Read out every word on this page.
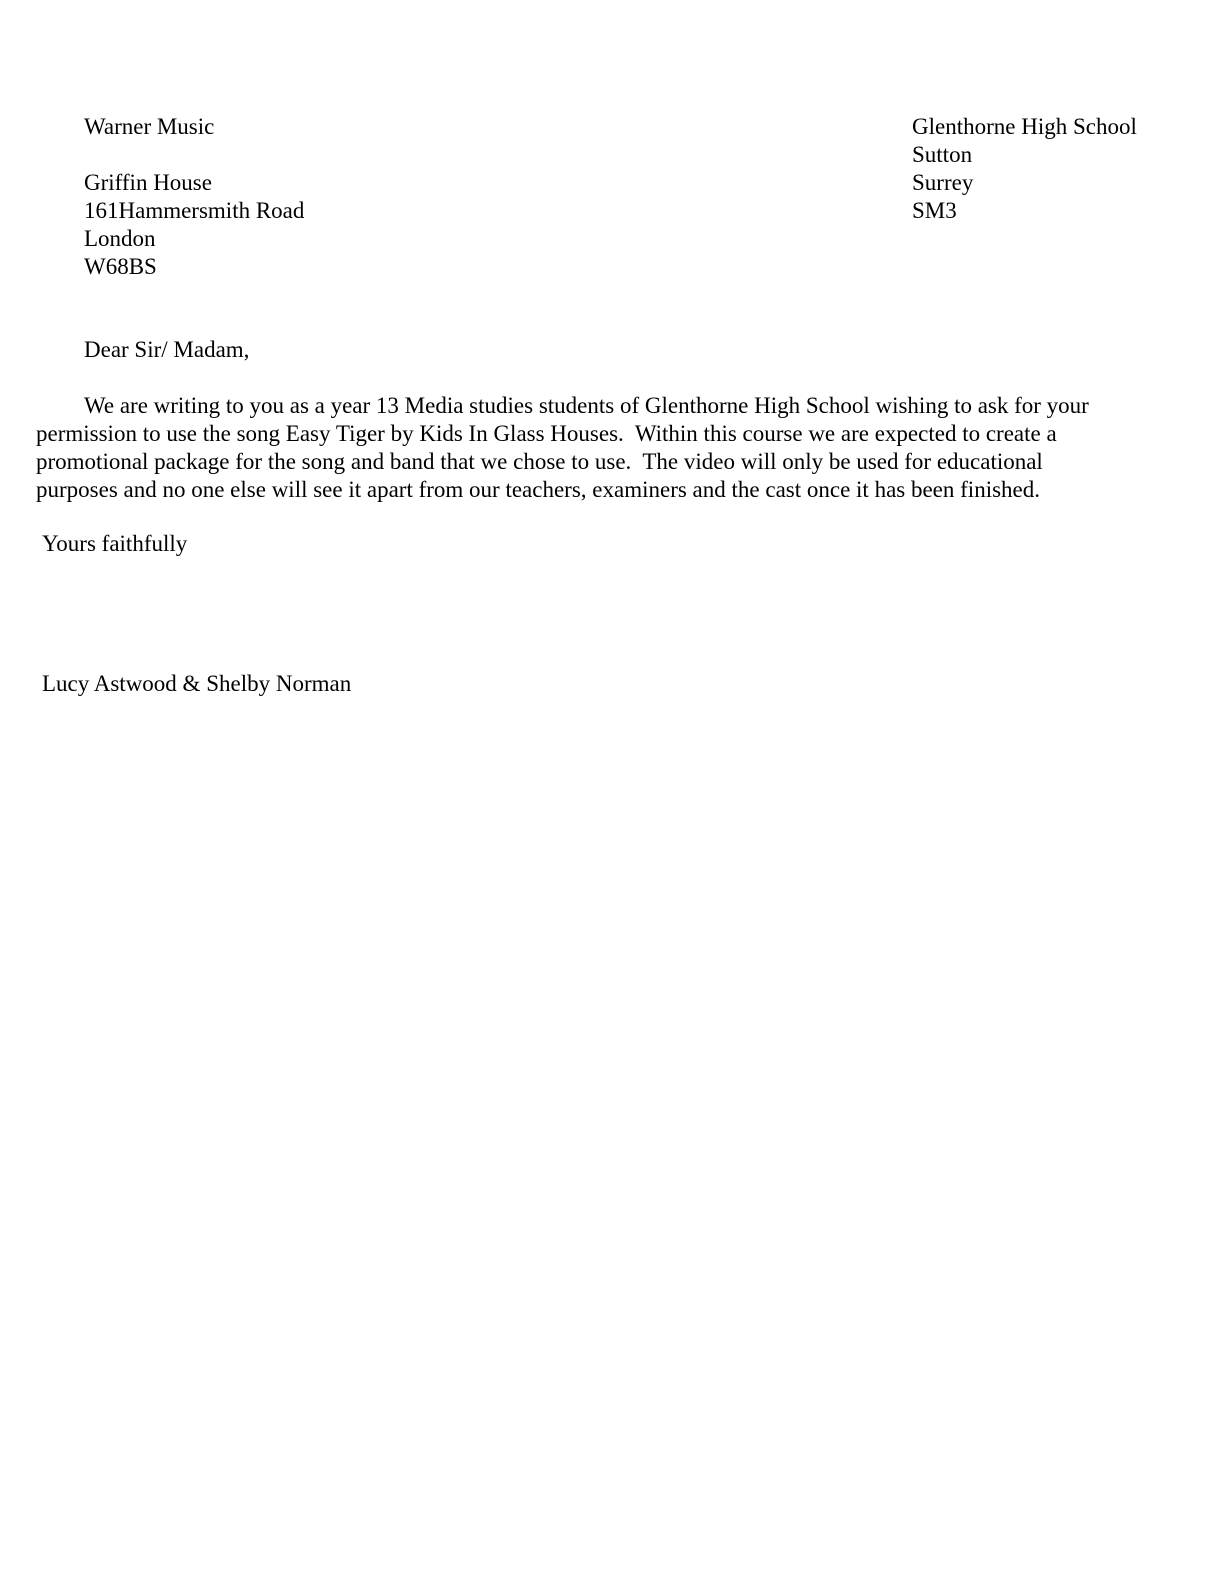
Warner Music
Griffin House
161Hammersmith Road
London
W68BS
Glenthorne High School
Sutton
Surrey
SM3
Dear Sir/ Madam,
We are writing to you as a year 13 Media studies students of Glenthorne High School wishing to ask for your
permission to use the song Easy Tiger by Kids In Glass Houses.  Within this course we are expected to create a
promotional package for the song and band that we chose to use.  The video will only be used for educational
purposes and no one else will see it apart from our teachers, examiners and the cast once it has been finished.
Yours faithfully
Lucy Astwood & Shelby Norman
